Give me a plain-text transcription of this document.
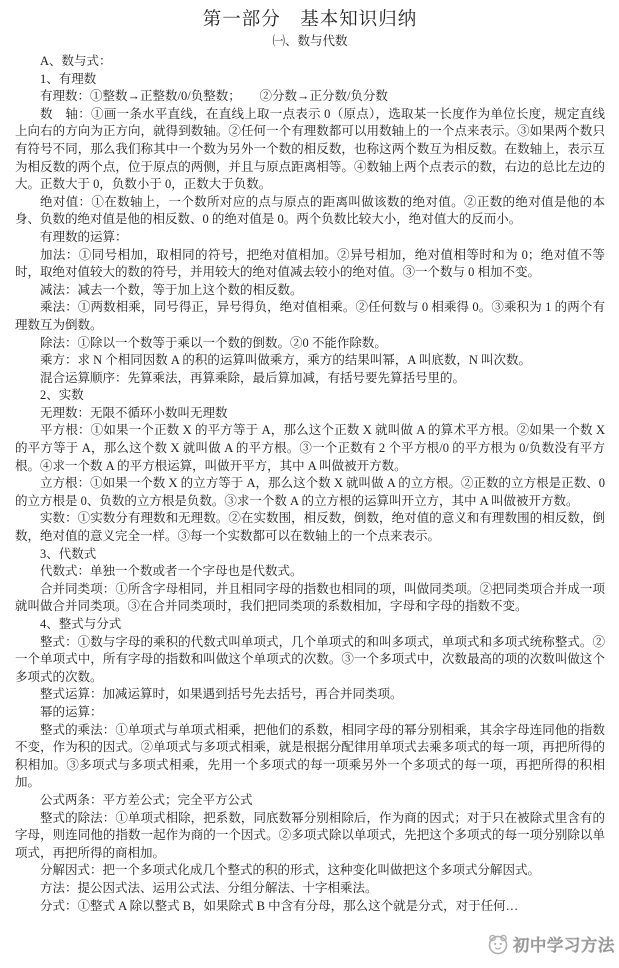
第一部分　基本知识归纳
㈠、数与代数

A、数与式：

1、有理数

有理数：①整数→正整数/0/负整数；　　②分数→正分数/负分数

数　轴：①画一条水平直线，在直线上取一点表示 0（原点），选取某一长度作为单位长度，规定直线上向右的方向为正方向，就得到数轴。②任何一个有理数都可以用数轴上的一个点来表示。③如果两个数只有符号不同，那么我们称其中一个数为另外一个数的相反数，也称这两个数互为相反数。在数轴上，表示互为相反数的两个点，位于原点的两侧，并且与原点距离相等。④数轴上两个点表示的数，右边的总比左边的大。正数大于 0，负数小于 0，正数大于负数。

绝对值：①在数轴上，一个数所对应的点与原点的距离叫做该数的绝对值。②正数的绝对值是他的本身、负数的绝对值是他的相反数、0 的绝对值是 0。两个负数比较大小，绝对值大的反而小。

有理数的运算：

加法：①同号相加，取相同的符号，把绝对值相加。②异号相加，绝对值相等时和为 0；绝对值不等时，取绝对值较大的数的符号，并用较大的绝对值减去较小的绝对值。③一个数与 0 相加不变。

减法：减去一个数，等于加上这个数的相反数。

乘法：①两数相乘，同号得正，异号得负，绝对值相乘。②任何数与 0 相乘得 0。③乘积为 1 的两个有理数互为倒数。

除法：①除以一个数等于乘以一个数的倒数。②0 不能作除数。

乘方：求 N 个相同因数 A 的积的运算叫做乘方，乘方的结果叫幂，A 叫底数，N 叫次数。

混合运算顺序：先算乘法，再算乘除，最后算加减，有括号要先算括号里的。

2、实数

无理数：无限不循环小数叫无理数

平方根：①如果一个正数 X 的平方等于 A，那么这个正数 X 就叫做 A 的算术平方根。②如果一个数 X 的平方等于 A，那么这个数 X 就叫做 A 的平方根。③一个正数有 2 个平方根/0 的平方根为 0/负数没有平方根。④求一个数 A 的平方根运算，叫做开平方，其中 A 叫做被开方数。

立方根：①如果一个数 X 的立方等于 A，那么这个数 X 就叫做 A 的立方根。②正数的立方根是正数、0 的立方根是 0、负数的立方根是负数。③求一个数 A 的立方根的运算叫开立方，其中 A 叫做被开方数。

实数：①实数分有理数和无理数。②在实数围，相反数，倒数，绝对值的意义和有理数围的相反数，倒数，绝对值的意义完全一样。③每一个实数都可以在数轴上的一个点来表示。

3、代数式

代数式：单独一个数或者一个字母也是代数式。

合并同类项：①所含字母相同，并且相同字母的指数也相同的项，叫做同类项。②把同类项合并成一项就叫做合并同类项。③在合并同类项时，我们把同类项的系数相加，字母和字母的指数不变。

4、整式与分式

整式：①数与字母的乘积的代数式叫单项式，几个单项式的和叫多项式，单项式和多项式统称整式。②一个单项式中，所有字母的指数和叫做这个单项式的次数。③一个多项式中，次数最高的项的次数叫做这个多项式的次数。

整式运算：加减运算时，如果遇到括号先去括号，再合并同类项。

幂的运算：

整式的乘法：①单项式与单项式相乘，把他们的系数，相同字母的幂分别相乘，其余字母连同他的指数不变，作为积的因式。②单项式与多项式相乘，就是根据分配律用单项式去乘多项式的每一项，再把所得的积相加。③多项式与多项式相乘，先用一个多项式的每一项乘另外一个多项式的每一项，再把所得的积相加。

公式两条：平方差公式；完全平方公式

整式的除法：①单项式相除，把系数，同底数幂分别相除后，作为商的因式；对于只在被除式里含有的字母，则连同他的指数一起作为商的一个因式。②多项式除以单项式，先把这个多项式的每一项分别除以单项式，再把所得的商相加。

分解因式：把一个多项式化成几个整式的积的形式，这种变化叫做把这个多项式分解因式。

方法：提公因式法、运用公式法、分组分解法、十字相乘法。

分式：①整式 A 除以整式 B，如果除式 B 中含有分母，那么这个就是分式，对于任何…

初中学习方法
